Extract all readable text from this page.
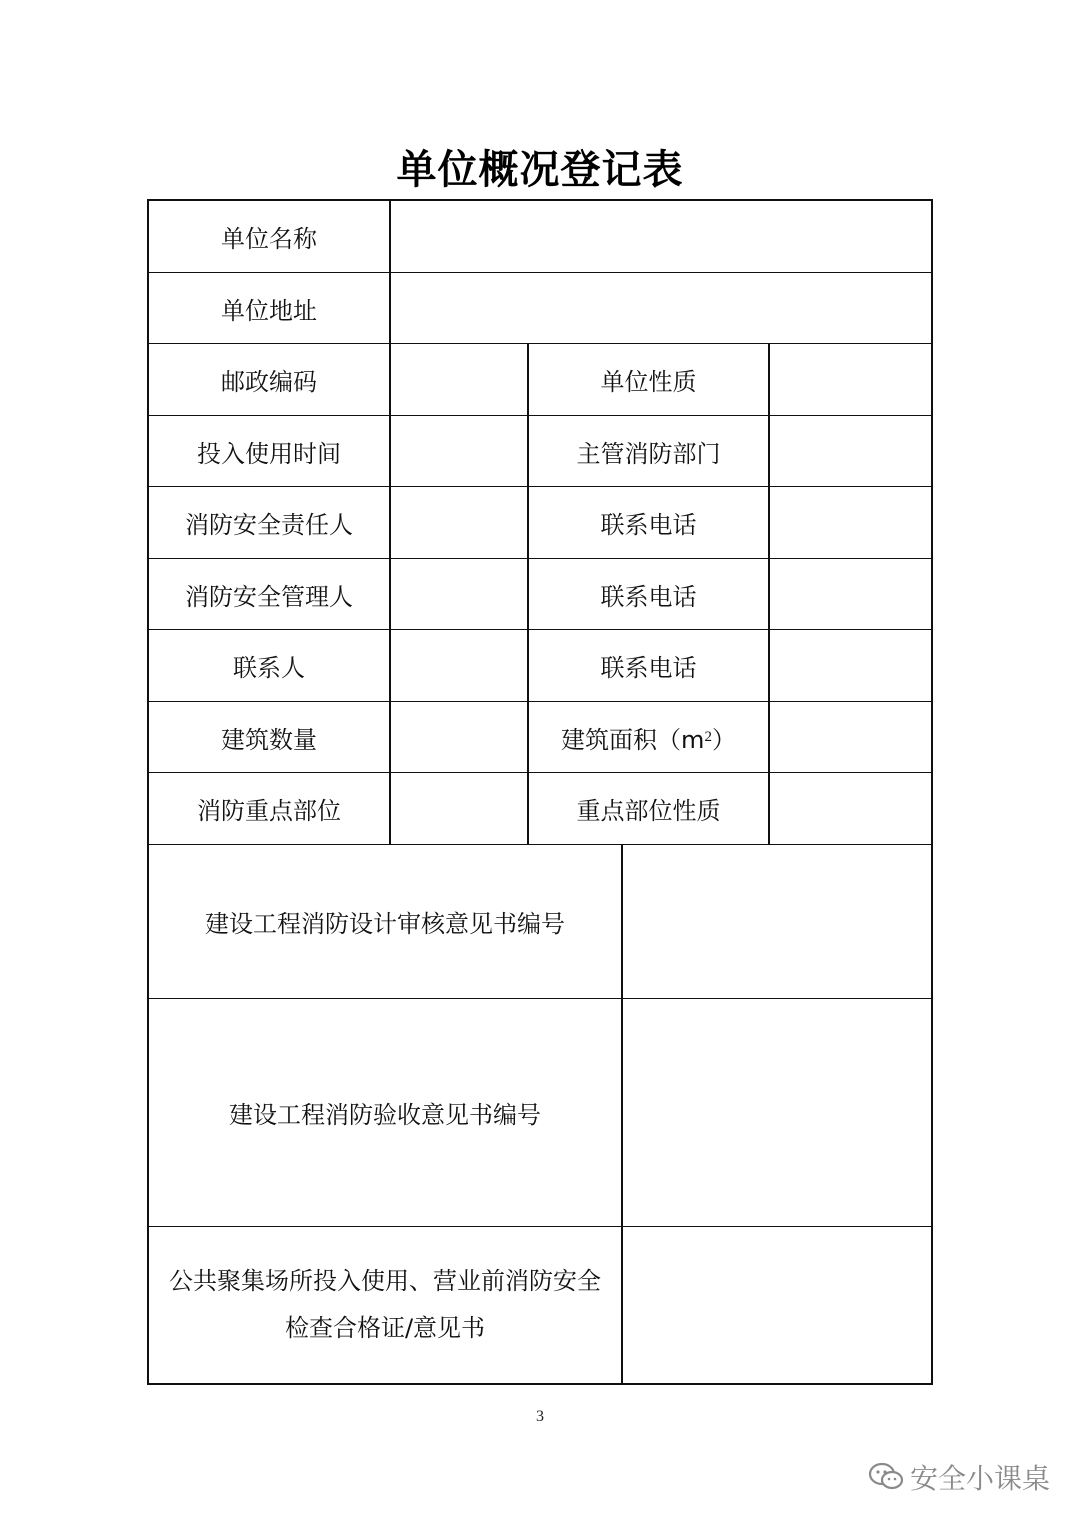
单位概况登记表
单位名称
单位地址
邮政编码	单位性质
投入使用时间	主管消防部门
消防安全责任人	联系电话
消防安全管理人	联系电话
联系人	联系电话
建筑数量	建筑面积（m 2 ）
消防重点部位	重点部位性质
建设工程消防设计审核意见书编号
建设工程消防验收意见书编号
公共聚集场所投入使用、营业前消防安全
检查合格证/意见书
3
安全小课桌
